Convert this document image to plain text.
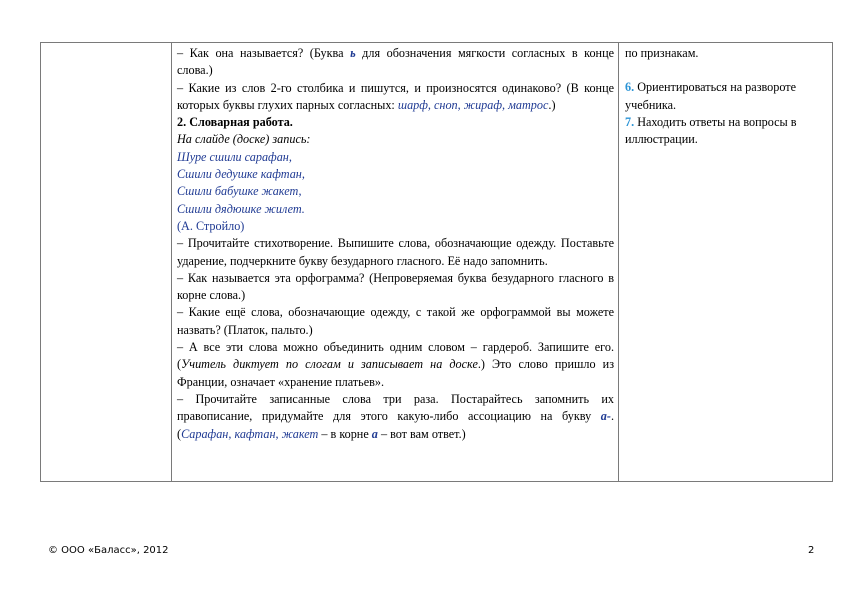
– Как она называется? (Буква ь для обозначения мягкости согласных в конце слова.)

– Какие из слов 2-го столбика и пишутся, и произносятся одинаково? (В конце которых буквы глухих парных согласных: шарф, сноп, жираф, матрос.)

2. Словарная работа.

На слайде (доске) запись:

Шуре сшили сарафан,

Сшили дедушке кафтан,

Сшили бабушке жакет,

Сшили дядюшке жилет.

(А. Стройло)

– Прочитайте стихотворение. Выпишите слова, обозначающие одежду. Поставьте ударение, подчеркните букву безударного гласного. Её надо запомнить.

– Как называется эта орфограмма? (Непроверяемая буква безударного гласного в корне слова.)

– Какие ещё слова, обозначающие одежду, с такой же орфограммой вы можете назвать? (Платок, пальто.)

– А все эти слова можно объединить одним словом – гардероб. Запишите его. (Учитель диктует по слогам и записывает на доске.) Это слово пришло из Франции, означает «хранение платьев».

– Прочитайте записанные слова три раза. Постарайтесь запомнить их правописание, придумайте для этого какую-либо ассоциацию на букву а-. (Сарафан, кафтан, жакет – в корне а – вот вам ответ.)

по признакам.

6. Ориентироваться на развороте учебника.

7. Находить ответы на вопросы в иллюстрации.

© ООО «Баласс», 2012	2
